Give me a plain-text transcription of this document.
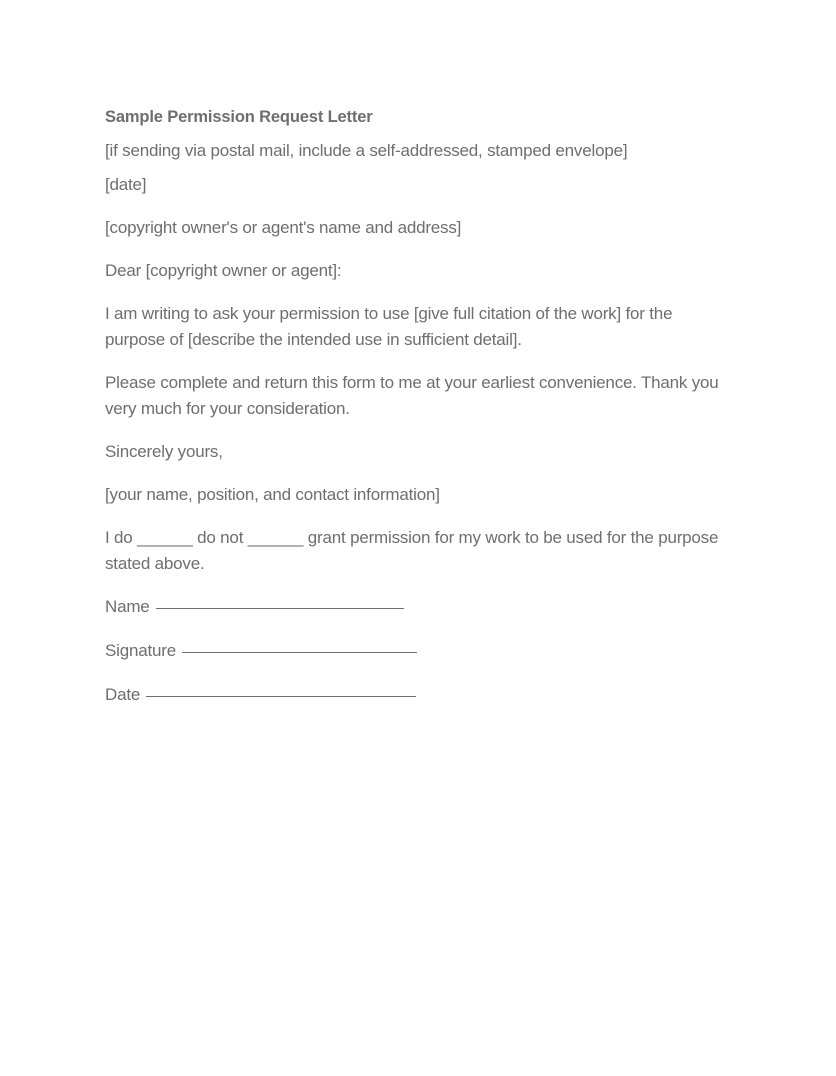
Sample Permission Request Letter

[if sending via postal mail, include a self-addressed, stamped envelope]

[date]

[copyright owner's or agent's name and address]

Dear [copyright owner or agent]:

I am writing to ask your permission to use [give full citation of the work] for the purpose of [describe the intended use in sufficient detail].

Please complete and return this form to me at your earliest convenience. Thank you very much for your consideration.

Sincerely yours,

[your name, position, and contact information]

I do ______ do not ______ grant permission for my work to be used for the purpose stated above.

Name
Signature
Date
